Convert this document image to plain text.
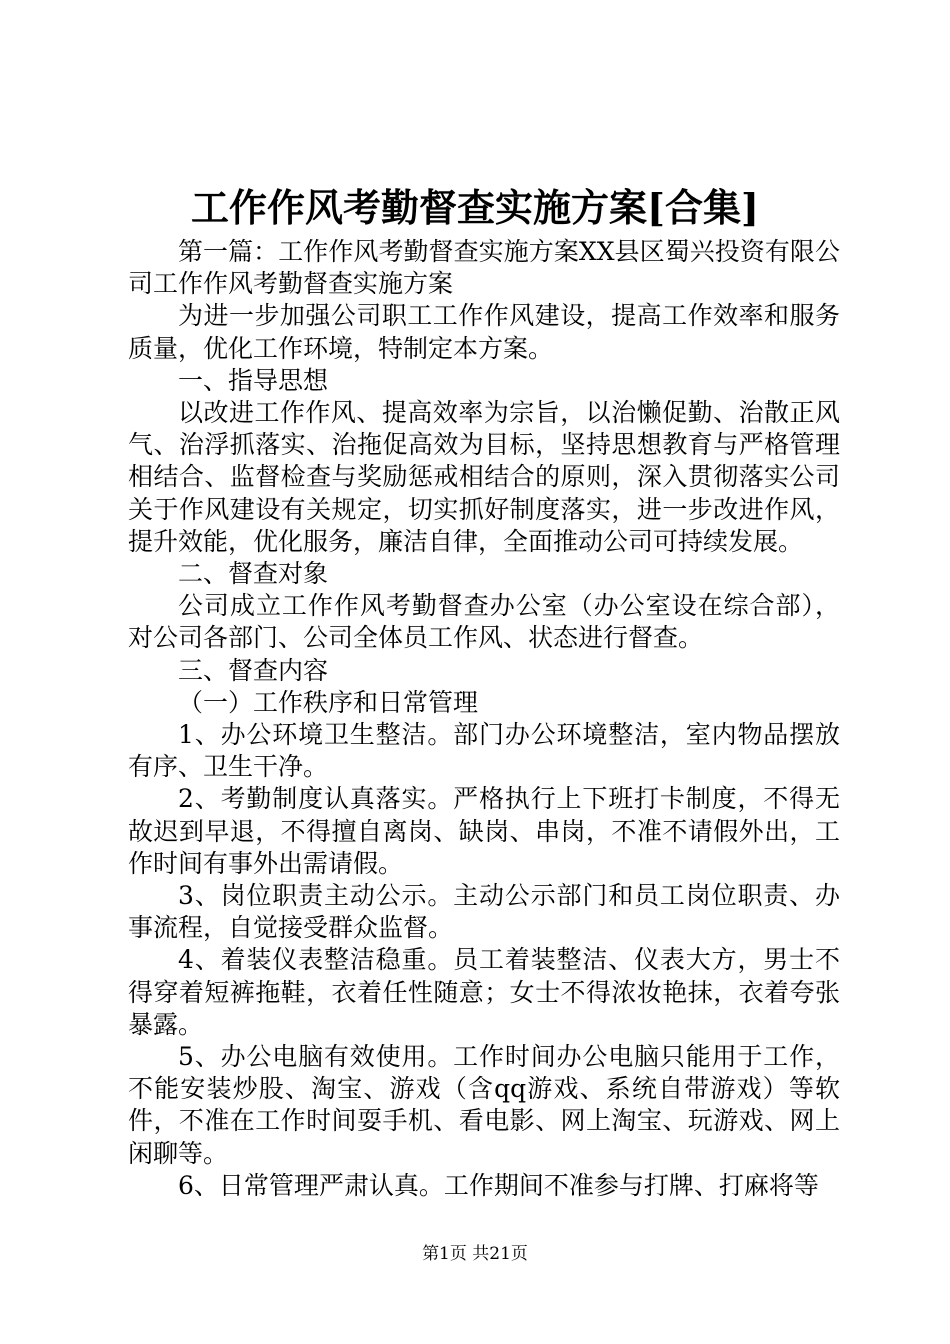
工作作风考勤督查实施方案[合集]

第一篇：工作作风考勤督查实施方案XX县区蜀兴投资有限公司工作作风考勤督查实施方案

为进一步加强公司职工工作作风建设，提高工作效率和服务质量，优化工作环境，特制定本方案。

一、指导思想

以改进工作作风、提高效率为宗旨，以治懒促勤、治散正风气、治浮抓落实、治拖促高效为目标，坚持思想教育与严格管理相结合、监督检查与奖励惩戒相结合的原则，深入贯彻落实公司关于作风建设有关规定，切实抓好制度落实，进一步改进作风，提升效能，优化服务，廉洁自律，全面推动公司可持续发展。

二、督查对象

公司成立工作作风考勤督查办公室（办公室设在综合部），对公司各部门、公司全体员工作风、状态进行督查。

三、督查内容

（一）工作秩序和日常管理

1、办公环境卫生整洁。部门办公环境整洁，室内物品摆放有序、卫生干净。

2、考勤制度认真落实。严格执行上下班打卡制度，不得无故迟到早退，不得擅自离岗、缺岗、串岗，不准不请假外出，工作时间有事外出需请假。

3、岗位职责主动公示。主动公示部门和员工岗位职责、办事流程，自觉接受群众监督。

4、着装仪表整洁稳重。员工着装整洁、仪表大方，男士不得穿着短裤拖鞋，衣着任性随意；女士不得浓妆艳抹，衣着夸张暴露。

5、办公电脑有效使用。工作时间办公电脑只能用于工作，不能安装炒股、淘宝、游戏（含qq游戏、系统自带游戏）等软件，不准在工作时间耍手机、看电影、网上淘宝、玩游戏、网上闲聊等。

6、日常管理严肃认真。工作期间不准参与打牌、打麻将等

第1页 共21页
